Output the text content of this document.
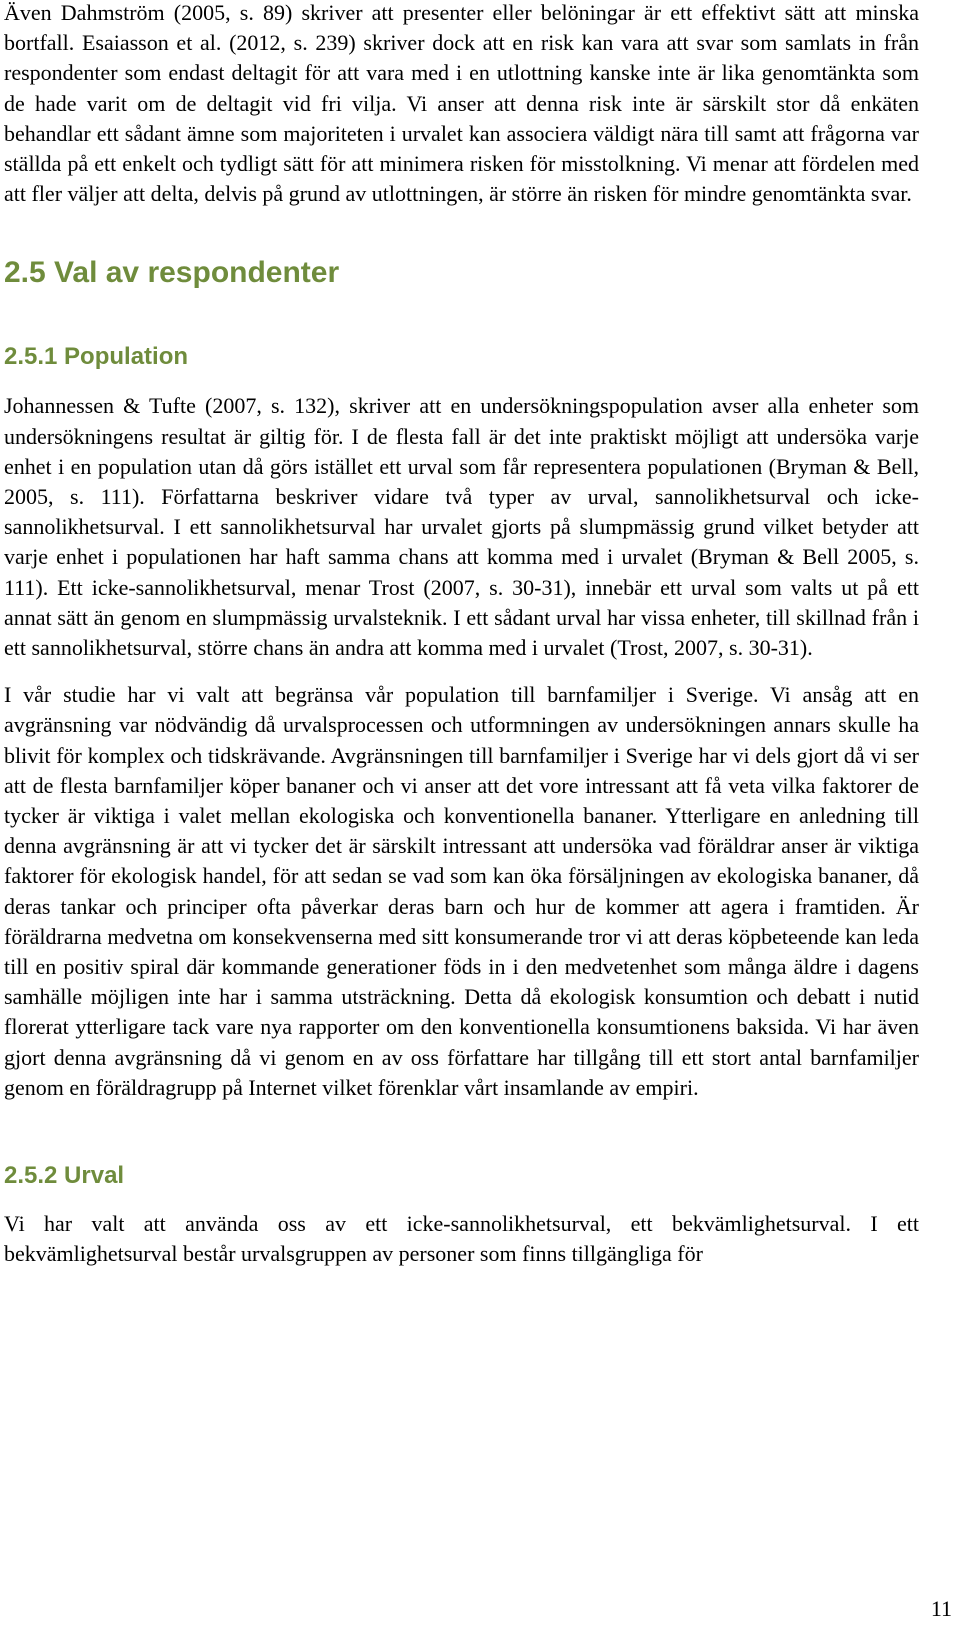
Även Dahmström (2005, s. 89) skriver att presenter eller belöningar är ett effektivt sätt att minska bortfall. Esaiasson et al. (2012, s. 239) skriver dock att en risk kan vara att svar som samlats in från respondenter som endast deltagit för att vara med i en utlottning kanske inte är lika genomtänkta som de hade varit om de deltagit vid fri vilja. Vi anser att denna risk inte är särskilt stor då enkäten behandlar ett sådant ämne som majoriteten i urvalet kan associera väldigt nära till samt att frågorna var ställda på ett enkelt och tydligt sätt för att minimera risken för misstolkning. Vi menar att fördelen med att fler väljer att delta, delvis på grund av utlottningen, är större än risken för mindre genomtänkta svar.

2.5 Val av respondenter
2.5.1 Population

Johannessen & Tufte (2007, s. 132), skriver att en undersökningspopulation avser alla enheter som undersökningens resultat är giltig för. I de flesta fall är det inte praktiskt möjligt att undersöka varje enhet i en population utan då görs istället ett urval som får representera populationen (Bryman & Bell, 2005, s. 111). Författarna beskriver vidare två typer av urval, sannolikhetsurval och icke-sannolikhetsurval. I ett sannolikhetsurval har urvalet gjorts på slumpmässig grund vilket betyder att varje enhet i populationen har haft samma chans att komma med i urvalet (Bryman & Bell 2005, s. 111). Ett icke-sannolikhetsurval, menar Trost (2007, s. 30-31), innebär ett urval som valts ut på ett annat sätt än genom en slumpmässig urvalsteknik. I ett sådant urval har vissa enheter, till skillnad från i ett sannolikhetsurval, större chans än andra att komma med i urvalet (Trost, 2007, s. 30-31).

I vår studie har vi valt att begränsa vår population till barnfamiljer i Sverige. Vi ansåg att en avgränsning var nödvändig då urvalsprocessen och utformningen av undersökningen annars skulle ha blivit för komplex och tidskrävande. Avgränsningen till barnfamiljer i Sverige har vi dels gjort då vi ser att de flesta barnfamiljer köper bananer och vi anser att det vore intressant att få veta vilka faktorer de tycker är viktiga i valet mellan ekologiska och konventionella bananer. Ytterligare en anledning till denna avgränsning är att vi tycker det är särskilt intressant att undersöka vad föräldrar anser är viktiga faktorer för ekologisk handel, för att sedan se vad som kan öka försäljningen av ekologiska bananer, då deras tankar och principer ofta påverkar deras barn och hur de kommer att agera i framtiden. Är föräldrarna medvetna om konsekvenserna med sitt konsumerande tror vi att deras köpbeteende kan leda till en positiv spiral där kommande generationer föds in i den medvetenhet som många äldre i dagens samhälle möjligen inte har i samma utsträckning. Detta då ekologisk konsumtion och debatt i nutid florerat ytterligare tack vare nya rapporter om den konventionella konsumtionens baksida. Vi har även gjort denna avgränsning då vi genom en av oss författare har tillgång till ett stort antal barnfamiljer genom en föräldragrupp på Internet vilket förenklar vårt insamlande av empiri.

2.5.2 Urval

Vi har valt att använda oss av ett icke-sannolikhetsurval, ett bekvämlighetsurval. I ett bekvämlighetsurval består urvalsgruppen av personer som finns tillgängliga för

11
